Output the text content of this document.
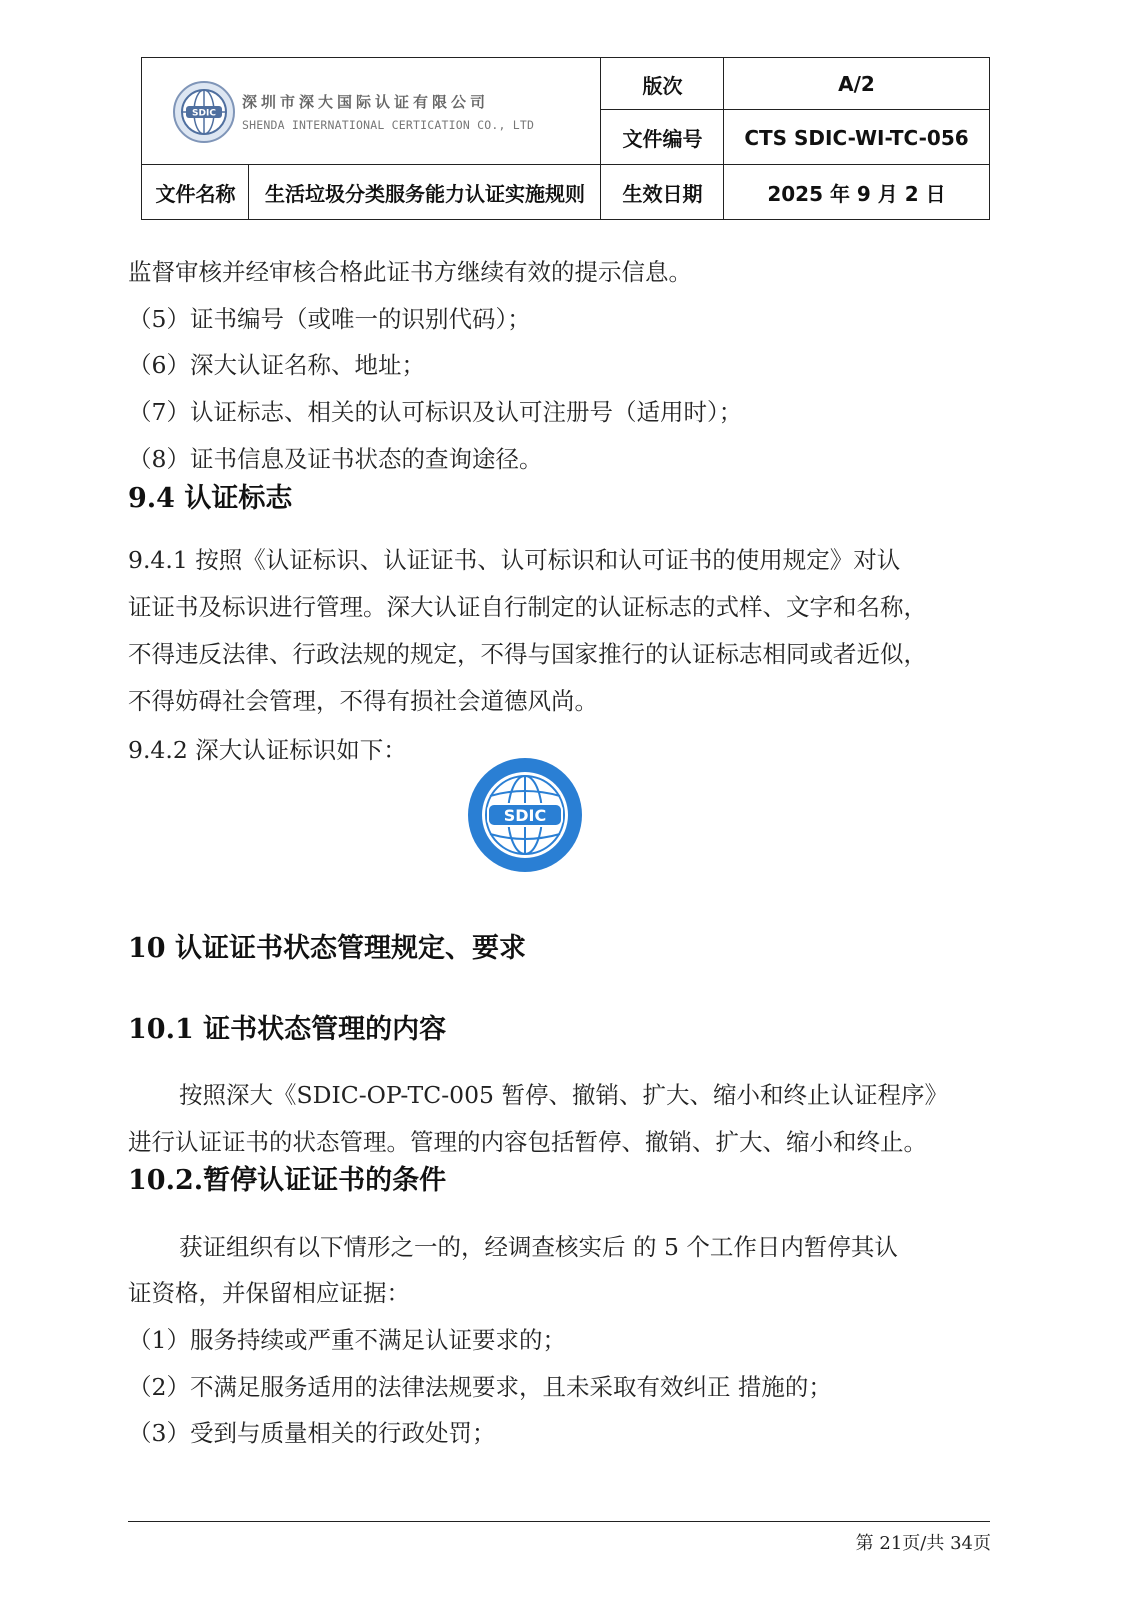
SDIC
深圳市深大国际认证有限公司
SHENDA INTERNATIONAL CERTICATION CO., LTD
版次	A/2
文件编号	CTS SDIC-WI-TC-056
文件名称	生活垃圾分类服务能力认证实施规则	生效日期	2025 年 9 月 2 日
监督审核并经审核合格此证书方继续有效的提示信息。
（5）证书编号（或唯一的识别代码）；
（6）深大认证名称、地址；
（7）认证标志、相关的认可标识及认可注册号（适用时）；
（8）证书信息及证书状态的查询途径。
9.4 认证标志
9.4.1 按照《认证标识、认证证书、认可标识和认可证书的使用规定》对认
证证书及标识进行管理。深大认证自行制定的认证标志的式样、文字和名称，
不得违反法律、行政法规的规定，不得与国家推行的认证标志相同或者近似，
不得妨碍社会管理，不得有损社会道德风尚。
9.4.2 深大认证标识如下：
SDIC
10 认证证书状态管理规定、要求
10.1 证书状态管理的内容
按照深大《SDIC-OP-TC-005 暂停、撤销、扩大、缩小和终止认证程序》
进行认证证书的状态管理。管理的内容包括暂停、撤销、扩大、缩小和终止。
10.2.暂停认证证书的条件
获证组织有以下情形之一的，经调查核实后 的 5 个工作日内暂停其认
证资格，并保留相应证据：
（1）服务持续或严重不满足认证要求的；
（2）不满足服务适用的法律法规要求，且未采取有效纠正 措施的；
（3）受到与质量相关的行政处罚；
第 21页/共 34页
